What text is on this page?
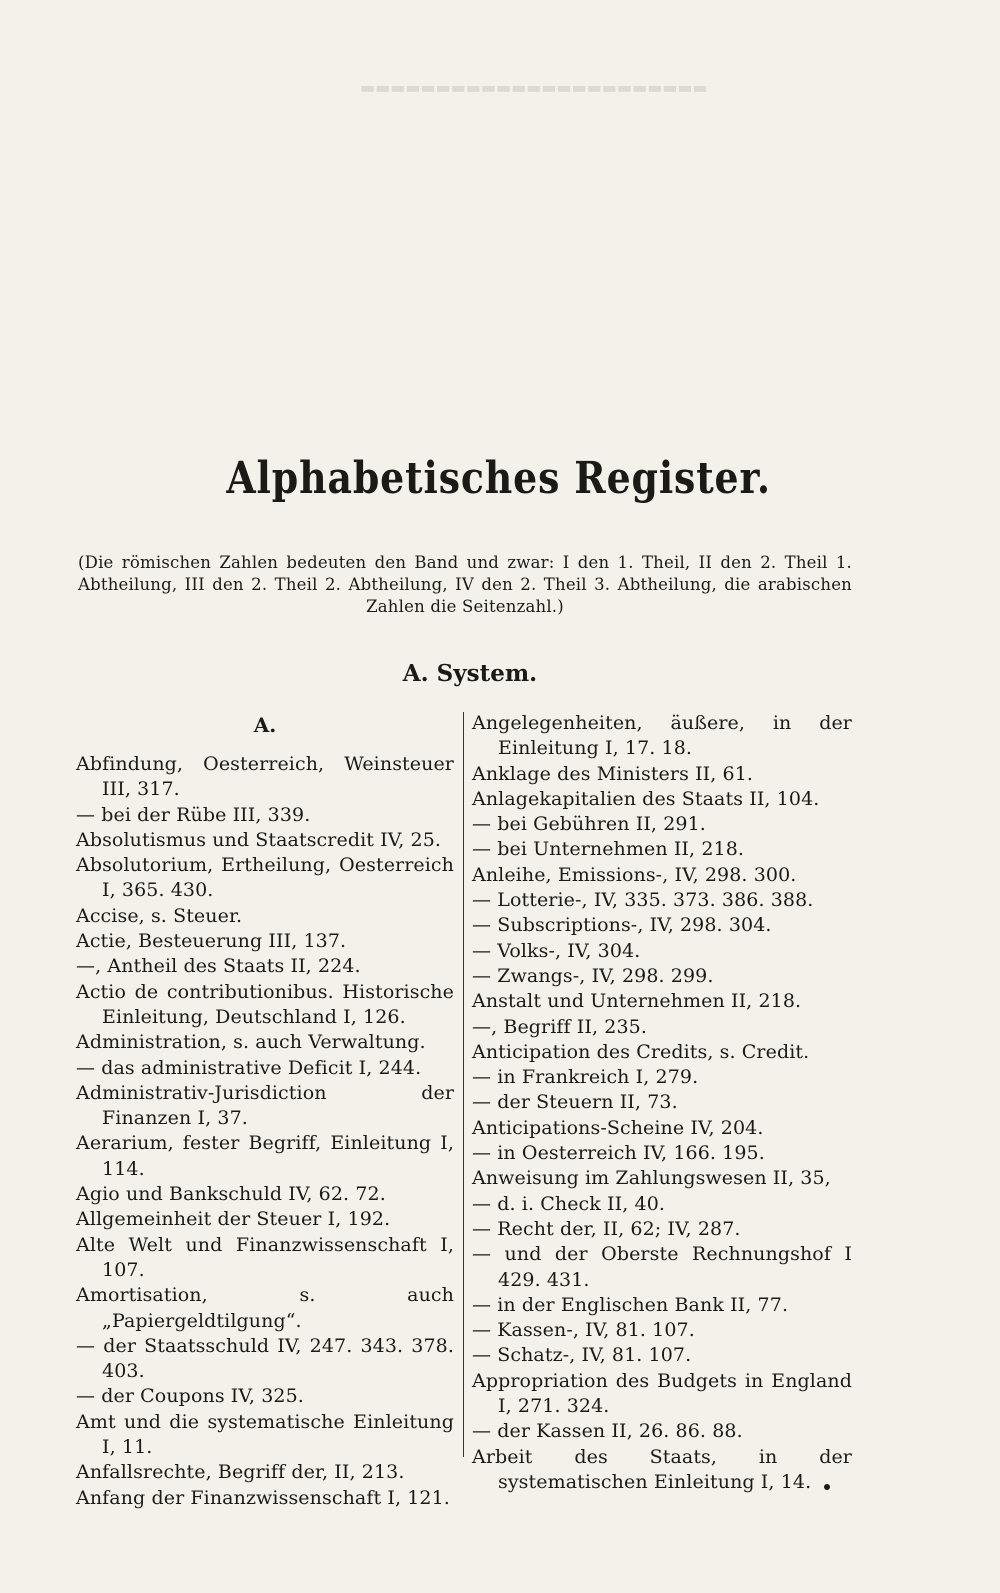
▬▬▬▬▬▬▬▬▬▬▬▬▬▬▬▬▬▬▬▬▬▬▬
Alphabetisches Register.
(Die römischen Zahlen bedeuten den Band und zwar: I den 1. Theil, II den 2. Theil 1. Abtheilung, III den 2. Theil 2. Abtheilung, IV den 2. Theil 3. Abtheilung, die arabischen Zahlen die Seitenzahl.)
A. System.
A.

Abfindung, Oesterreich, Weinsteuer III, 317.

— bei der Rübe III, 339.

Absolutismus und Staatscredit IV, 25.

Absolutorium, Ertheilung, Oesterreich I, 365. 430.

Accise, s. Steuer.

Actie, Besteuerung III, 137.

—, Antheil des Staats II, 224.

Actio de contributionibus. Historische Einleitung, Deutschland I, 126.

Administration, s. auch Verwaltung.

— das administrative Deficit I, 244.

Administrativ-Jurisdiction der Finanzen I, 37.

Aerarium, fester Begriff, Einleitung I, 114.

Agio und Bankschuld IV, 62. 72.

Allgemeinheit der Steuer I, 192.

Alte Welt und Finanzwissenschaft I, 107.

Amortisation, s. auch „Papiergeldtilgung“.

— der Staatsschuld IV, 247. 343. 378. 403.

— der Coupons IV, 325.

Amt und die systematische Einleitung I, 11.

Anfallsrechte, Begriff der, II, 213.

Anfang der Finanzwissenschaft I, 121.

Angelegenheiten, äußere, in der Einleitung I, 17. 18.

Anklage des Ministers II, 61.

Anlagekapitalien des Staats II, 104.

— bei Gebühren II, 291.

— bei Unternehmen II, 218.

Anleihe, Emissions-, IV, 298. 300.

— Lotterie-, IV, 335. 373. 386. 388.

— Subscriptions-, IV, 298. 304.

— Volks-, IV, 304.

— Zwangs-, IV, 298. 299.

Anstalt und Unternehmen II, 218.

—, Begriff II, 235.

Anticipation des Credits, s. Credit.

— in Frankreich I, 279.

— der Steuern II, 73.

Anticipations-Scheine IV, 204.

— in Oesterreich IV, 166. 195.

Anweisung im Zahlungswesen II, 35,

— d. i. Check II, 40.

— Recht der, II, 62; IV, 287.

— und der Oberste Rechnungshof I 429. 431.

— in der Englischen Bank II, 77.

— Kassen-, IV, 81. 107.

— Schatz-, IV, 81. 107.

Appropriation des Budgets in England I, 271. 324.

— der Kassen II, 26. 86. 88.

Arbeit des Staats, in der systematischen Einleitung I, 14.
